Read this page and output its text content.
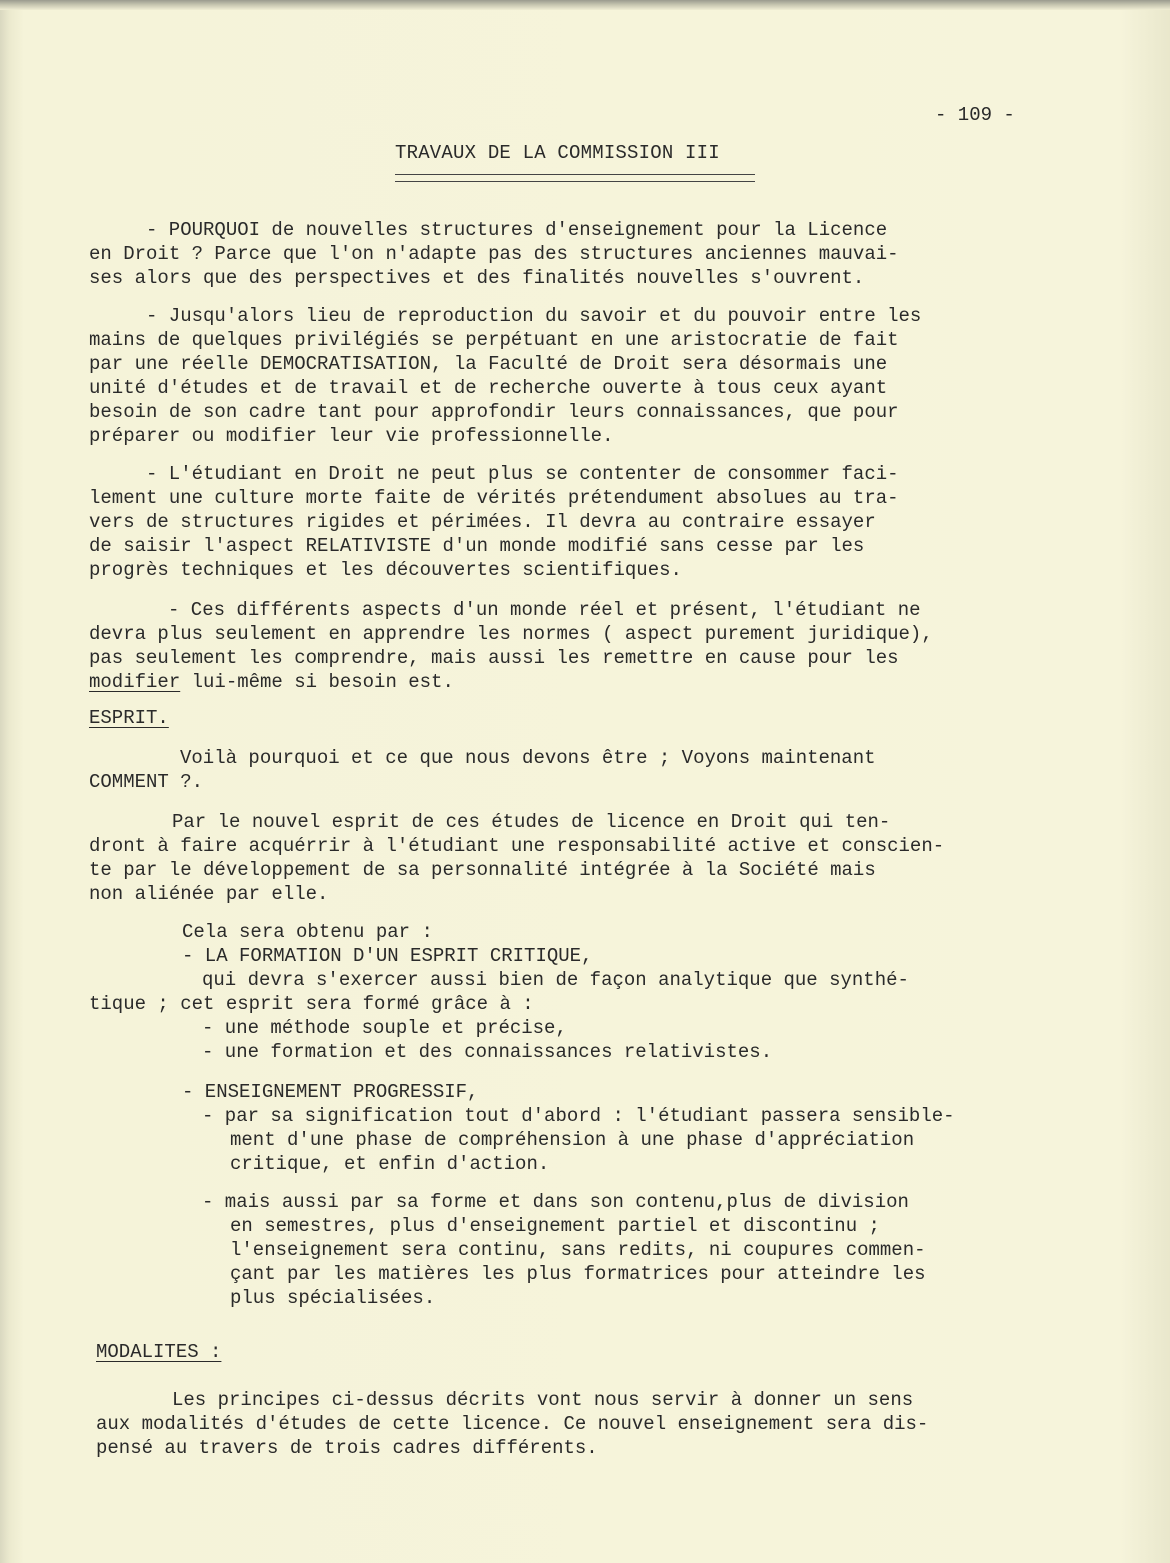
- 109 -
TRAVAUX DE LA COMMISSION III
- POURQUOI de nouvelles structures d'enseignement pour la Licence
en Droit ? Parce que l'on n'adapte pas des structures anciennes mauvai-
ses alors que des perspectives et des finalités nouvelles s'ouvrent.
- Jusqu'alors lieu de reproduction du savoir et du pouvoir entre les
mains de quelques privilégiés se perpétuant en une aristocratie de fait
par une réelle DEMOCRATISATION, la Faculté de Droit sera désormais une
unité d'études et de travail et de recherche ouverte à tous ceux ayant
besoin de son cadre tant pour approfondir leurs connaissances, que pour
préparer ou modifier leur vie professionnelle.
- L'étudiant en Droit ne peut plus se contenter de consommer faci-
lement une culture morte faite de vérités prétendument absolues au tra-
vers de structures rigides et périmées. Il devra au contraire essayer
de saisir l'aspect RELATIVISTE d'un monde modifié sans cesse par les
progrès techniques et les découvertes scientifiques.
- Ces différents aspects d'un monde réel et présent, l'étudiant ne
devra plus seulement en apprendre les normes ( aspect purement juridique),
pas seulement les comprendre, mais aussi les remettre en cause pour les
modifier lui-même si besoin est.
ESPRIT.
Voilà pourquoi et ce que nous devons être ; Voyons maintenant
COMMENT ?.
Par le nouvel esprit de ces études de licence en Droit qui ten-
dront à faire acquérrir à l'étudiant une responsabilité active et conscien-
te par le développement de sa personnalité intégrée à la Société mais
non aliénée par elle.
Cela sera obtenu par :
- LA FORMATION D'UN ESPRIT CRITIQUE,
qui devra s'exercer aussi bien de façon analytique que synthé-
tique ; cet esprit sera formé grâce à :
- une méthode souple et précise,
- une formation et des connaissances relativistes.
- ENSEIGNEMENT PROGRESSIF,
- par sa signification tout d'abord : l'étudiant passera sensible-
ment d'une phase de compréhension à une phase d'appréciation
critique, et enfin d'action.
- mais aussi par sa forme et dans son contenu,plus de division
en semestres, plus d'enseignement partiel et discontinu ;
l'enseignement sera continu, sans redits, ni coupures commen-
çant par les matières les plus formatrices pour atteindre les
plus spécialisées.
MODALITES :
Les principes ci-dessus décrits vont nous servir à donner un sens
aux modalités d'études de cette licence. Ce nouvel enseignement sera dis-
pensé au travers de trois cadres différents.
